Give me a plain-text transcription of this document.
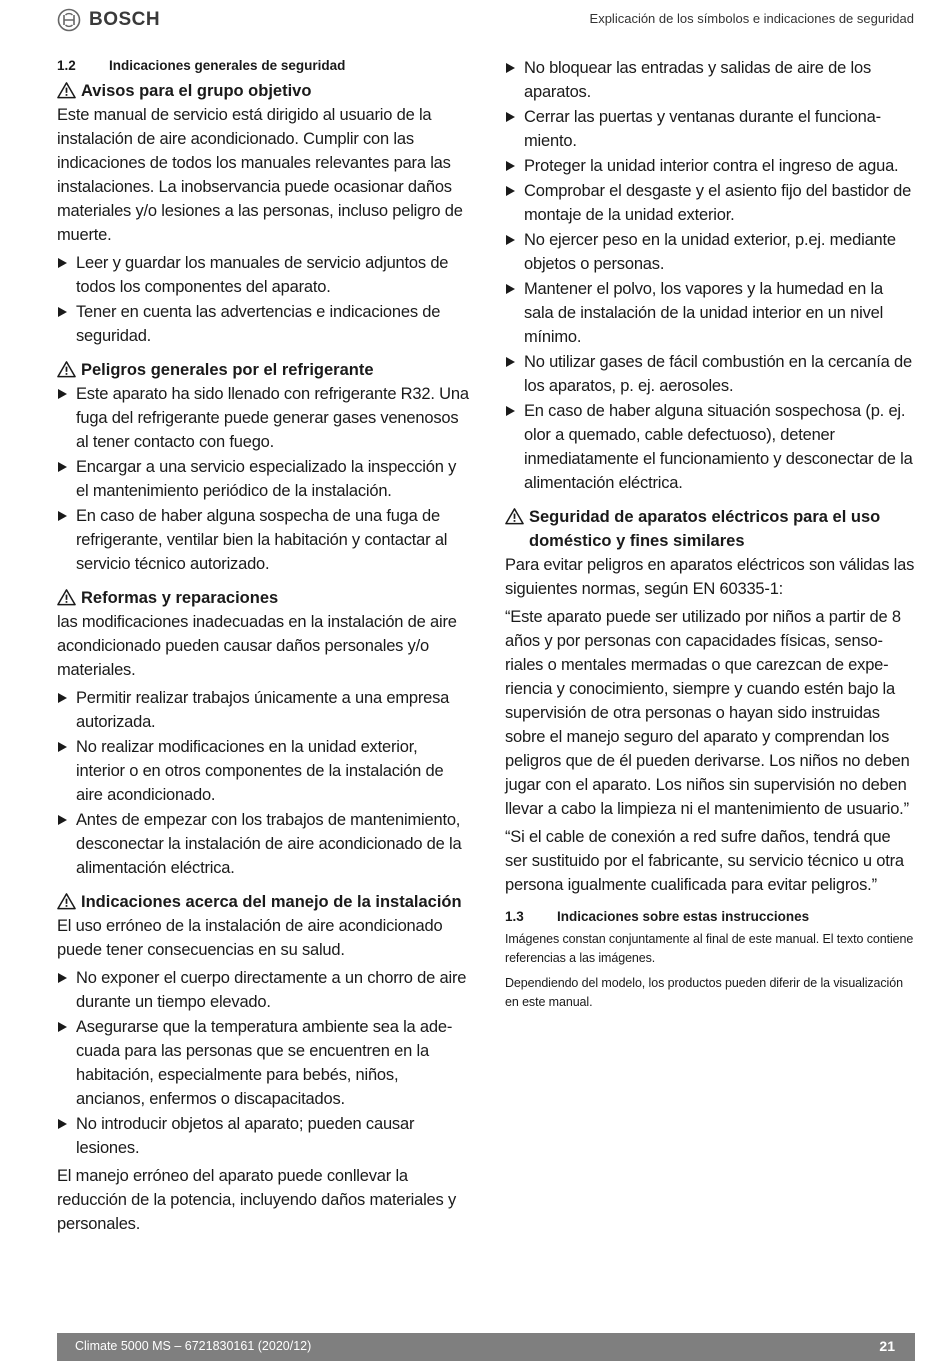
BOSCH	Explicación de los símbolos e indicaciones de seguridad
1.2	Indicaciones generales de seguridad
Avisos para el grupo objetivo

Este manual de servicio está dirigido al usuario de la instalación de aire acondicionado. Cumplir con las indicaciones de todos los manuales relevantes para las instalaciones. La inobservancia puede ocasionar daños materiales y/o lesiones a las personas, incluso peligro de muerte.

Leer y guardar los manuales de servicio adjuntos de todos los componentes del aparato.
Tener en cuenta las advertencias e indicaciones de seguridad.
Peligros generales por el refrigerante
Este aparato ha sido llenado con refrigerante R32. Una fuga del refrigerante puede generar gases venenosos al tener contacto con fuego.
Encargar a una servicio especializado la inspección y el mantenimiento periódico de la instalación.
En caso de haber alguna sospecha de una fuga de refrigerante, ventilar bien la habitación y contactar al servicio técnico autorizado.
Reformas y reparaciones

las modificaciones inadecuadas en la instalación de aire acondicionado pueden causar daños personales y/o materiales.

Permitir realizar trabajos únicamente a una empresa autorizada.
No realizar modificaciones en la unidad exterior, interior o en otros componentes de la instalación de aire acondicionado.
Antes de empezar con los trabajos de mantenimiento, desconectar la instalación de aire acondicionado de la alimentación eléctrica.
Indicaciones acerca del manejo de la instalación

El uso erróneo de la instalación de aire acondicionado puede tener consecuencias en su salud.

No exponer el cuerpo directamente a un chorro de aire durante un tiempo elevado.
Asegurarse que la temperatura ambiente sea la adecuada para las personas que se encuentren en la habitación, especialmente para bebés, niños, ancianos, enfermos o discapacitados.
No introducir objetos al aparato; pueden causar lesiones.

El manejo erróneo del aparato puede conllevar la reducción de la potencia, incluyendo daños materiales y personales.

No bloquear las entradas y salidas de aire de los aparatos.
Cerrar las puertas y ventanas durante el funcionamiento.
Proteger la unidad interior contra el ingreso de agua.
Comprobar el desgaste y el asiento fijo del bastidor de montaje de la unidad exterior.
No ejercer peso en la unidad exterior, p.ej. mediante objetos o personas.
Mantener el polvo, los vapores y la humedad en la sala de instalación de la unidad interior en un nivel mínimo.
No utilizar gases de fácil combustión en la cercanía de los aparatos, p. ej. aerosoles.
En caso de haber alguna situación sospechosa (p. ej. olor a quemado, cable defectuoso), detener inmediatamente el funcionamiento y desconectar de la alimentación eléctrica.
Seguridad de aparatos eléctricos para el uso doméstico y fines similares

Para evitar peligros en aparatos eléctricos son válidas las siguientes normas, según EN 60335-1:

“Este aparato puede ser utilizado por niños a partir de 8 años y por personas con capacidades físicas, sensoriales o mentales mermadas o que carezcan de experiencia y conocimiento, siempre y cuando estén bajo la supervisión de otra personas o hayan sido instruidas sobre el manejo seguro del aparato y comprendan los peligros que de él pueden derivarse. Los niños no deben jugar con el aparato. Los niños sin supervisión no deben llevar a cabo la limpieza ni el mantenimiento de usuario.”

“Si el cable de conexión a red sufre daños, tendrá que ser sustituido por el fabricante, su servicio técnico u otra persona igualmente cualificada para evitar peligros.”

1.3	Indicaciones sobre estas instrucciones

Imágenes constan conjuntamente al final de este manual. El texto contiene referencias a las imágenes.

Dependiendo del modelo, los productos pueden diferir de la visualización en este manual.

Climate 5000 MS – 6721830161 (2020/12)	21
